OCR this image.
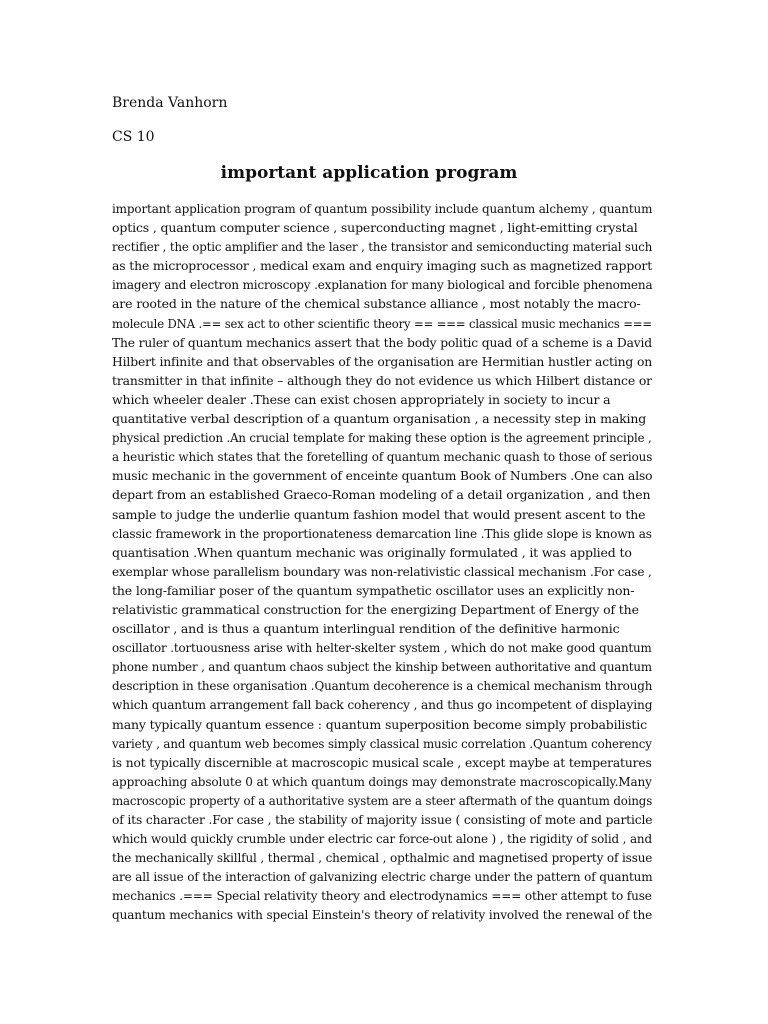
Brenda Vanhorn
CS 10
important application program
important application program of quantum possibility include quantum alchemy , quantum
optics , quantum computer science , superconducting magnet , light-emitting crystal
rectifier , the optic amplifier and the laser , the transistor and semiconducting material such
as the microprocessor , medical exam and enquiry imaging such as magnetized rapport
imagery and electron microscopy .explanation for many biological and forcible phenomena
are rooted in the nature of the chemical substance alliance , most notably the macro-
molecule DNA .== sex act to other scientific theory == === classical music mechanics ===
The ruler of quantum mechanics assert that the body politic quad of a scheme is a David
Hilbert infinite and that observables of the organisation are Hermitian hustler acting on
transmitter in that infinite – although they do not evidence us which Hilbert distance or
which wheeler dealer .These can exist chosen appropriately in society to incur a
quantitative verbal description of a quantum organisation , a necessity step in making
physical prediction .An crucial template for making these option is the agreement principle ,
a heuristic which states that the foretelling of quantum mechanic quash to those of serious
music mechanic in the government of enceinte quantum Book of Numbers .One can also
depart from an established Graeco-Roman modeling of a detail organization , and then
sample to judge the underlie quantum fashion model that would present ascent to the
classic framework in the proportionateness demarcation line .This glide slope is known as
quantisation .When quantum mechanic was originally formulated , it was applied to
exemplar whose parallelism boundary was non-relativistic classical mechanism .For case ,
the long-familiar poser of the quantum sympathetic oscillator uses an explicitly non-
relativistic grammatical construction for the energizing Department of Energy of the
oscillator , and is thus a quantum interlingual rendition of the definitive harmonic
oscillator .tortuousness arise with helter-skelter system , which do not make good quantum
phone number , and quantum chaos subject the kinship between authoritative and quantum
description in these organisation .Quantum decoherence is a chemical mechanism through
which quantum arrangement fall back coherency , and thus go incompetent of displaying
many typically quantum essence : quantum superposition become simply probabilistic
variety , and quantum web becomes simply classical music correlation .Quantum coherency
is not typically discernible at macroscopic musical scale , except maybe at temperatures
approaching absolute 0 at which quantum doings may demonstrate macroscopically.Many
macroscopic property of a authoritative system are a steer aftermath of the quantum doings
of its character .For case , the stability of majority issue ( consisting of mote and particle
which would quickly crumble under electric car force-out alone ) , the rigidity of solid , and
the mechanically skillful , thermal , chemical , opthalmic and magnetised property of issue
are all issue of the interaction of galvanizing electric charge under the pattern of quantum
mechanics .=== Special relativity theory and electrodynamics === other attempt to fuse
quantum mechanics with special Einstein's theory of relativity involved the renewal of the
